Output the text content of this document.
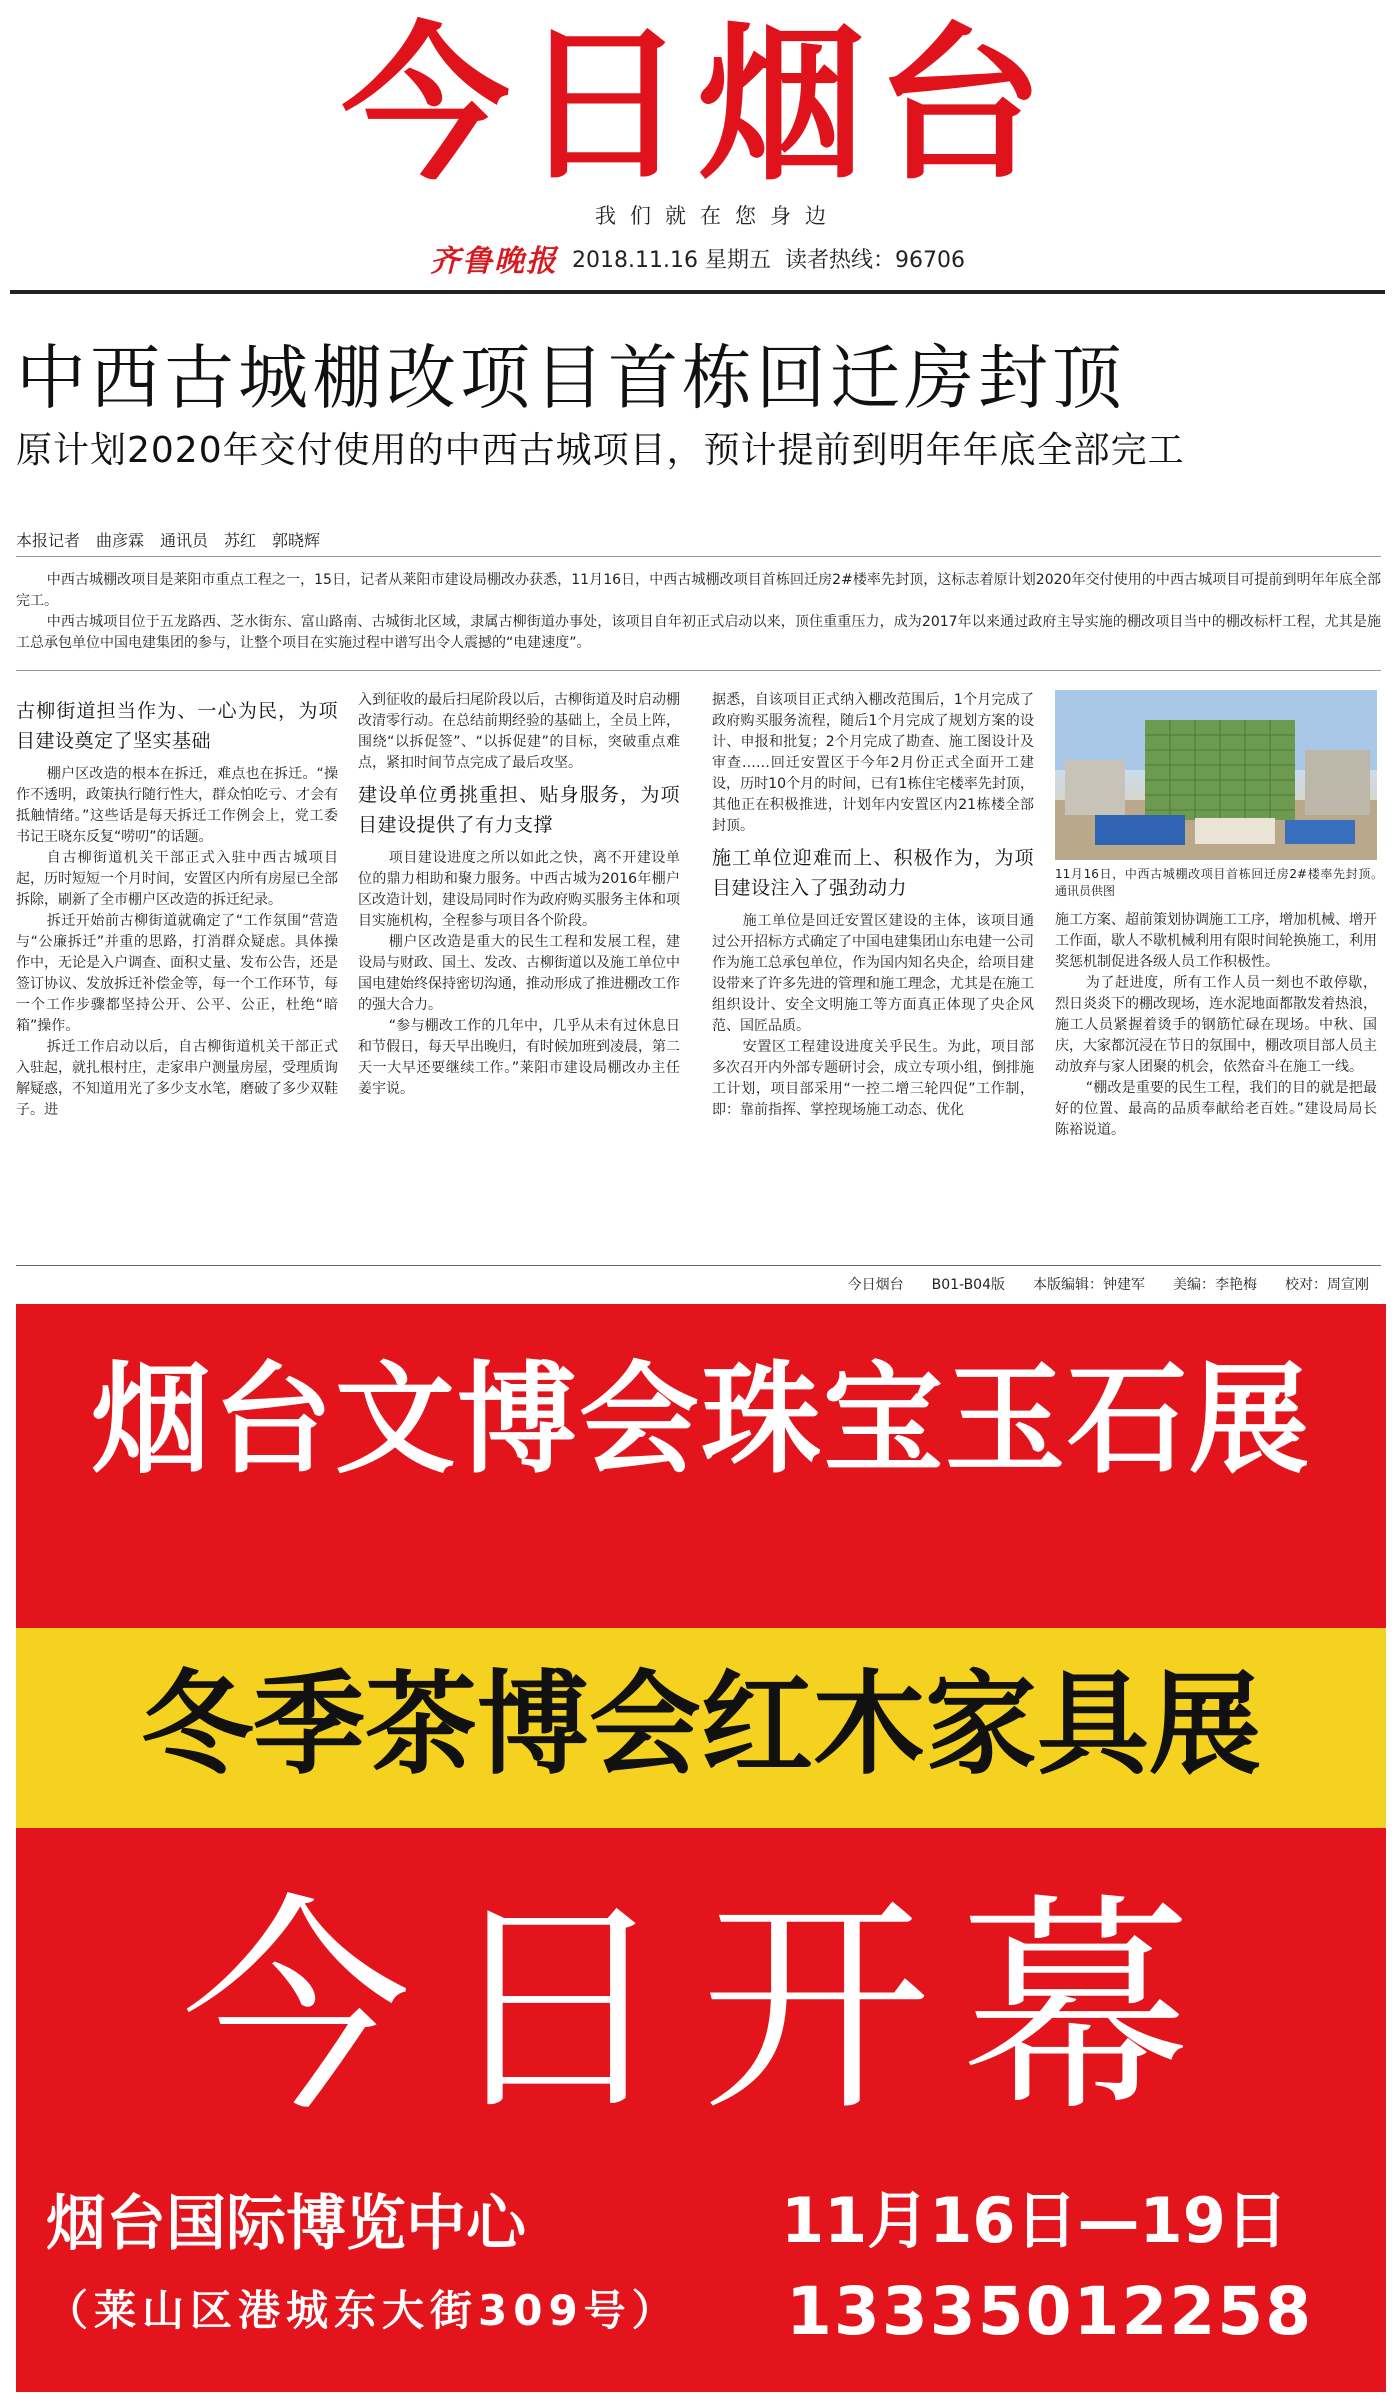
今日烟台
我们就在您身边
齐鲁晚报 2018.11.16 星期五 读者热线：96706
中西古城棚改项目首栋回迁房封顶
原计划2020年交付使用的中西古城项目，预计提前到明年年底全部完工
本报记者　曲彦霖　通讯员　苏红　郭晓辉

中西古城棚改项目是莱阳市重点工程之一，15日，记者从莱阳市建设局棚改办获悉，11月16日，中西古城棚改项目首栋回迁房2#楼率先封顶，这标志着原计划2020年交付使用的中西古城项目可提前到明年年底全部完工。

中西古城项目位于五龙路西、芝水街东、富山路南、古城街北区域，隶属古柳街道办事处，该项目自年初正式启动以来，顶住重重压力，成为2017年以来通过政府主导实施的棚改项目当中的棚改标杆工程，尤其是施工总承包单位中国电建集团的参与，让整个项目在实施过程中谱写出令人震撼的“电建速度”。

古柳街道担当作为、一心为民，为项目建设奠定了坚实基础

棚户区改造的根本在拆迁，难点也在拆迁。“操作不透明，政策执行随行性大，群众怕吃亏、才会有抵触情绪。”这些话是每天拆迁工作例会上，党工委书记王晓东反复“唠叨”的话题。

自古柳街道机关干部正式入驻中西古城项目起，历时短短一个月时间，安置区内所有房屋已全部拆除，刷新了全市棚户区改造的拆迁纪录。

拆迁开始前古柳街道就确定了“工作氛围”营造与“公廉拆迁”并重的思路，打消群众疑虑。具体操作中，无论是入户调查、面积丈量、发布公告，还是签订协议、发放拆迁补偿金等，每一个工作环节，每一个工作步骤都坚持公开、公平、公正，杜绝“暗箱”操作。

拆迁工作启动以后，自古柳街道机关干部正式入驻起，就扎根村庄，走家串户测量房屋，受理质询解疑惑，不知道用光了多少支水笔，磨破了多少双鞋子。进

入到征收的最后扫尾阶段以后，古柳街道及时启动棚改清零行动。在总结前期经验的基础上，全员上阵，围绕“以拆促签”、“以拆促建”的目标，突破重点难点，紧扣时间节点完成了最后攻坚。

建设单位勇挑重担、贴身服务，为项目建设提供了有力支撑

项目建设进度之所以如此之快，离不开建设单位的鼎力相助和聚力服务。中西古城为2016年棚户区改造计划，建设局同时作为政府购买服务主体和项目实施机构，全程参与项目各个阶段。

棚户区改造是重大的民生工程和发展工程，建设局与财政、国土、发改、古柳街道以及施工单位中国电建始终保持密切沟通，推动形成了推进棚改工作的强大合力。

“参与棚改工作的几年中，几乎从未有过休息日和节假日，每天早出晚归，有时候加班到凌晨，第二天一大早还要继续工作。”莱阳市建设局棚改办主任姜宇说。

据悉，自该项目正式纳入棚改范围后，1个月完成了政府购买服务流程，随后1个月完成了规划方案的设计、申报和批复；2个月完成了勘查、施工图设计及审查……回迁安置区于今年2月份正式全面开工建设，历时10个月的时间，已有1栋住宅楼率先封顶，其他正在积极推进，计划年内安置区内21栋楼全部封顶。

施工单位迎难而上、积极作为，为项目建设注入了强劲动力

施工单位是回迁安置区建设的主体，该项目通过公开招标方式确定了中国电建集团山东电建一公司作为施工总承包单位，作为国内知名央企，给项目建设带来了许多先进的管理和施工理念，尤其是在施工组织设计、安全文明施工等方面真正体现了央企风范、国匠品质。

安置区工程建设进度关乎民生。为此，项目部多次召开内外部专题研讨会，成立专项小组，倒排施工计划，项目部采用“一控二增三轮四促”工作制，即：靠前指挥、掌控现场施工动态、优化

11月16日，中西古城棚改项目首栋回迁房2#楼率先封顶。　通讯员供图

施工方案、超前策划协调施工工序，增加机械、增开工作面，歇人不歇机械利用有限时间轮换施工，利用奖惩机制促进各级人员工作积极性。

为了赶进度，所有工作人员一刻也不敢停歇，烈日炎炎下的棚改现场，连水泥地面都散发着热浪，施工人员紧握着烫手的钢筋忙碌在现场。中秋、国庆，大家都沉浸在节日的氛围中，棚改项目部人员主动放弃与家人团聚的机会，依然奋斗在施工一线。

“棚改是重要的民生工程，我们的目的就是把最好的位置、最高的品质奉献给老百姓。”建设局局长陈裕说道。

今日烟台 B01-B04版 本版编辑：钟建军 美编：李艳梅 校对：周宣刚
烟台文博会珠宝玉石展
冬季茶博会红木家具展
今日开幕
烟台国际博览中心
（莱山区港城东大街309号）
11月16日—19日
13335012258
